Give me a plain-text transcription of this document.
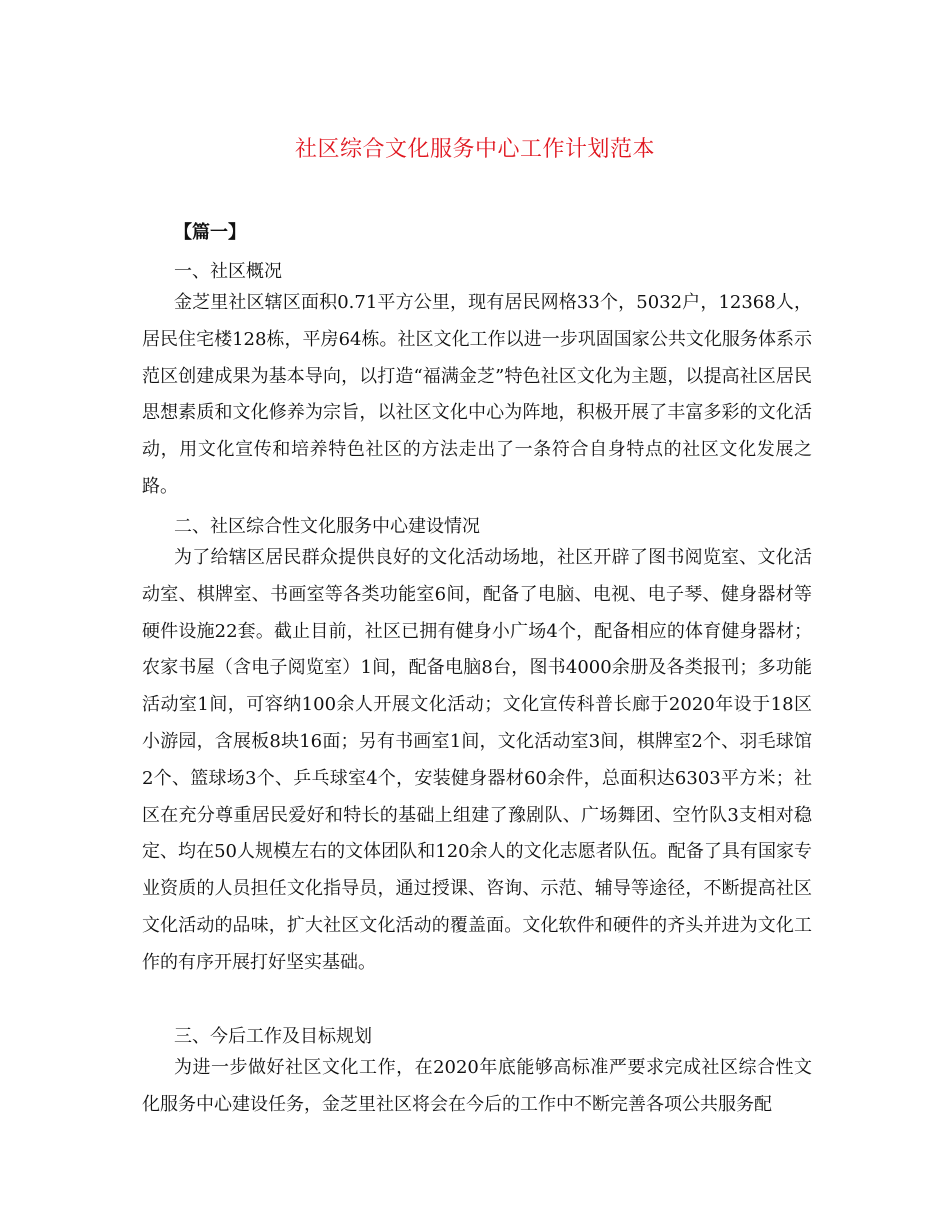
社区综合文化服务中心工作计划范本
【篇一】
一、社区概况

金芝里社区辖区面积0.71平方公里，现有居民网格33个，5032户，12368人，居民住宅楼128栋，平房64栋。社区文化工作以进一步巩固国家公共文化服务体系示范区创建成果为基本导向，以打造“福满金芝”特色社区文化为主题，以提高社区居民思想素质和文化修养为宗旨，以社区文化中心为阵地，积极开展了丰富多彩的文化活动，用文化宣传和培养特色社区的方法走出了一条符合自身特点的社区文化发展之路。

二、社区综合性文化服务中心建设情况

为了给辖区居民群众提供良好的文化活动场地，社区开辟了图书阅览室、文化活动室、棋牌室、书画室等各类功能室6间，配备了电脑、电视、电子琴、健身器材等硬件设施22套。截止目前，社区已拥有健身小广场4个，配备相应的体育健身器材；农家书屋（含电子阅览室）1间，配备电脑8台，图书4000余册及各类报刊；多功能活动室1间，可容纳100余人开展文化活动；文化宣传科普长廊于2020年设于18区小游园，含展板8块16面；另有书画室1间，文化活动室3间，棋牌室2个、羽毛球馆2个、篮球场3个、乒乓球室4个，安装健身器材60余件，总面积达6303平方米；社区在充分尊重居民爱好和特长的基础上组建了豫剧队、广场舞团、空竹队3支相对稳定、均在50人规模左右的文体团队和120余人的文化志愿者队伍。配备了具有国家专业资质的人员担任文化指导员，通过授课、咨询、示范、辅导等途径，不断提高社区文化活动的品味，扩大社区文化活动的覆盖面。文化软件和硬件的齐头并进为文化工作的有序开展打好坚实基础。

三、今后工作及目标规划

为进一步做好社区文化工作，在2020年底能够高标准严要求完成社区综合性文化服务中心建设任务，金芝里社区将会在今后的工作中不断完善各项公共服务配
